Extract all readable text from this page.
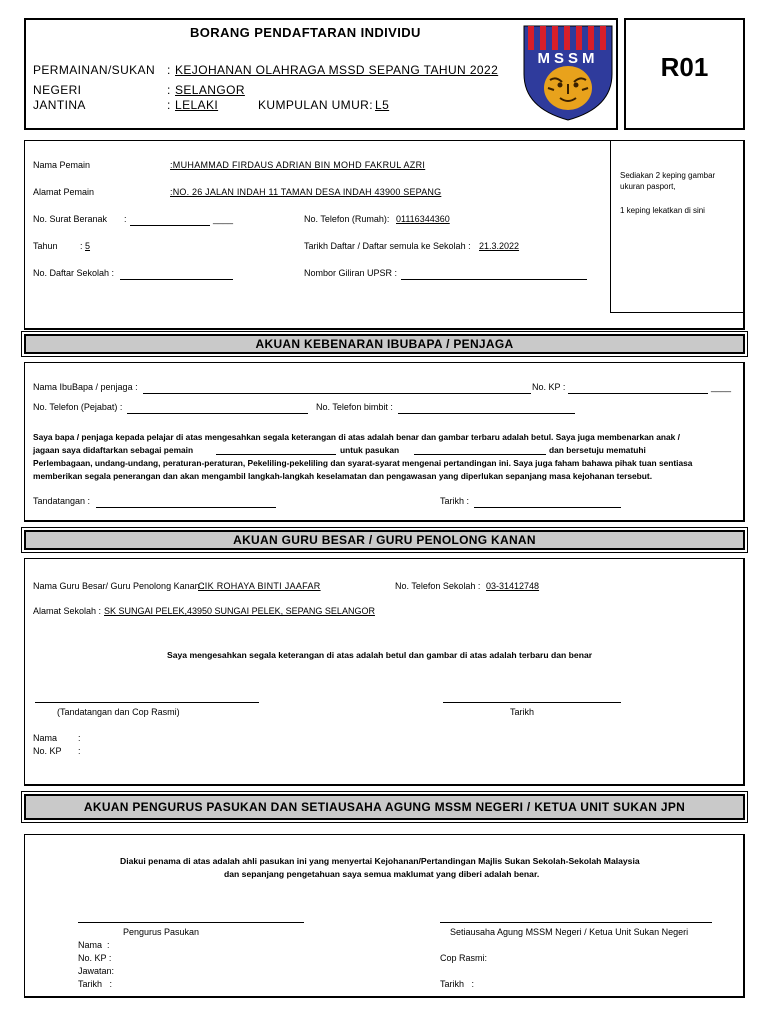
BORANG PENDAFTARAN INDIVIDU
PERMAINAN/SUKAN : KEJOHANAN OLAHRAGA MSSD SEPANG TAHUN 2022
NEGERI	: SELANGOR
JANTINA	: LELAKI	KUMPULAN UMUR: L5
MSSM	R01
Sediakan 2 keping gambar ukuran pasport,
1 keping lekatkan di sini
Nama Pemain	:MUHAMMAD FIRDAUS ADRIAN BIN MOHD FAKRUL AZRI
Alamat Pemain	:NO. 26 JALAN INDAH 11 TAMAN DESA INDAH 43900 SEPANG
No. Surat Beranak :	____	No. Telefon (Rumah): 01116344360
Tahun : 5	Tarikh Daftar / Daftar semula ke Sekolah : 21.3.2022
No. Daftar Sekolah :	Nombor Giliran UPSR :
AKUAN KEBENARAN IBUBAPA / PENJAGA
Nama IbuBapa / penjaga :	No. KP :	____
No. Telefon (Pejabat) :	No. Telefon bimbit :
Saya bapa / penjaga kepada pelajar di atas mengesahkan segala keterangan di atas adalah benar dan gambar terbaru adalah betul. Saya juga membenarkan anak /
jagaan saya didaftarkan sebagai pemain	untuk pasukan	dan bersetuju mematuhi
Perlembagaan, undang-undang, peraturan-peraturan, Pekeliling-pekeliling dan syarat-syarat mengenai pertandingan ini. Saya juga faham bahawa pihak tuan sentiasa
memberikan segala penerangan dan akan mengambil langkah-langkah keselamatan dan pengawasan yang diperlukan sepanjang masa kejohanan tersebut.
Tandatangan :	Tarikh :
AKUAN GURU BESAR / GURU PENOLONG KANAN
Nama Guru Besar/ Guru Penolong Kanan :
CIK ROHAYA BINTI JAAFAR	No. Telefon Sekolah : 03-31412748
Alamat Sekolah : SK SUNGAI PELEK,43950 SUNGAI PELEK, SEPANG SELANGOR
Saya mengesahkan segala keterangan di atas adalah betul dan gambar di atas adalah terbaru dan benar
(Tandatangan dan Cop Rasmi)	Tarikh
Nama :
No. KP :
AKUAN PENGURUS PASUKAN DAN SETIAUSAHA AGUNG MSSM NEGERI / KETUA UNIT SUKAN JPN
Diakui penama di atas adalah ahli pasukan ini yang menyertai Kejohanan/Pertandingan Majlis Sukan Sekolah-Sekolah Malaysia
dan sepanjang pengetahuan saya semua maklumat yang diberi adalah benar.
Pengurus Pasukan
Nama  :
No. KP :
Jawatan:
Tarikh   :
Setiausaha Agung MSSM Negeri / Ketua Unit Sukan Negeri
Cop Rasmi:
Tarikh   :
